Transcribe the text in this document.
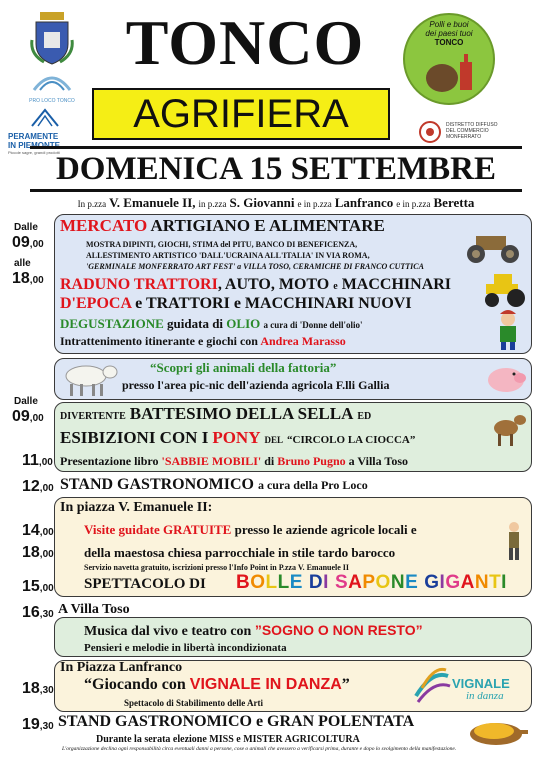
PRO LOCO TONCO
PERAMENTE
IN PIEMONTE
Piccole sagre, grandi prodotti
TONCO
AGRIFIERA
Polli e buoi
dei paesi tuoi
TONCO
DISTRETTO DIFFUSO
DEL COMMERCIO
MONFERRATO
DOMENICA 15 SETTEMBRE
In p.zza V. Emanuele II, in p.zza S. Giovanni e in p.zza Lanfranco e in p.zza Beretta
Dalle
09,00
alle
18,00
MERCATO ARTIGIANO E ALIMENTARE
MOSTRA DIPINTI, GIOCHI, STIMA del PITU, BANCO DI BENEFICENZA,
ALLESTIMENTO ARTISTICO 'DALL'UCRAINA ALL'ITALIA' IN VIA ROMA,
'GERMINALE MONFERRATO ART FEST' a VILLA TOSO, CERAMICHE DI FRANCO CUTTICA
RADUNO TRATTORI, AUTO, MOTO e MACCHINARI
D'EPOCA e TRATTORI e MACCHINARI NUOVI
DEGUSTAZIONE guidata di OLIO a cura di 'Donne dell'olio'
Intrattenimento itinerante e giochi con Andrea Marasso
“Scopri gli animali della fattoria”
presso l'area pic-nic dell'azienda agricola F.lli Gallia
Dalle
09,00 DIVERTENTE BATTESIMO DELLA SELLA ED
ESIBIZIONI CON I PONY DEL “CIRCOLO LA CIOCCA”
11,00 Presentazione libro 'SABBIE MOBILI' di Bruno Pugno a Villa Toso
12,00 STAND GASTRONOMICO a cura della Pro Loco
In piazza V. Emanuele II:
14,00 Visite guidate GRATUITE presso le aziende agricole locali e
18,00 della maestosa chiesa parrocchiale in stile tardo barocco
Servizio navetta gratuito, iscrizioni presso l'Info Point in P.zza V. Emanuele II
15,00 SPETTACOLO DI BOLLE DI SAPONE GIGANTI
16,30 A Villa Toso
Musica dal vivo e teatro con ”SOGNO O NON RESTO”
Pensieri e melodie in libertà incondizionata
In Piazza Lanfranco
18,30 “Giocando con VIGNALE IN DANZA”
Spettacolo di Stabilimento delle Arti
VIGNALE
in danza
19,30 STAND GASTRONOMICO e GRAN POLENTATA
Durante la serata elezione MISS e MISTER AGRICOLTURA
L'organizzazione declina ogni responsabilità circa eventuali danni a persone, cose o animali che avessero a verificarsi prima, durante e dopo lo svolgimento della manifestazione.
